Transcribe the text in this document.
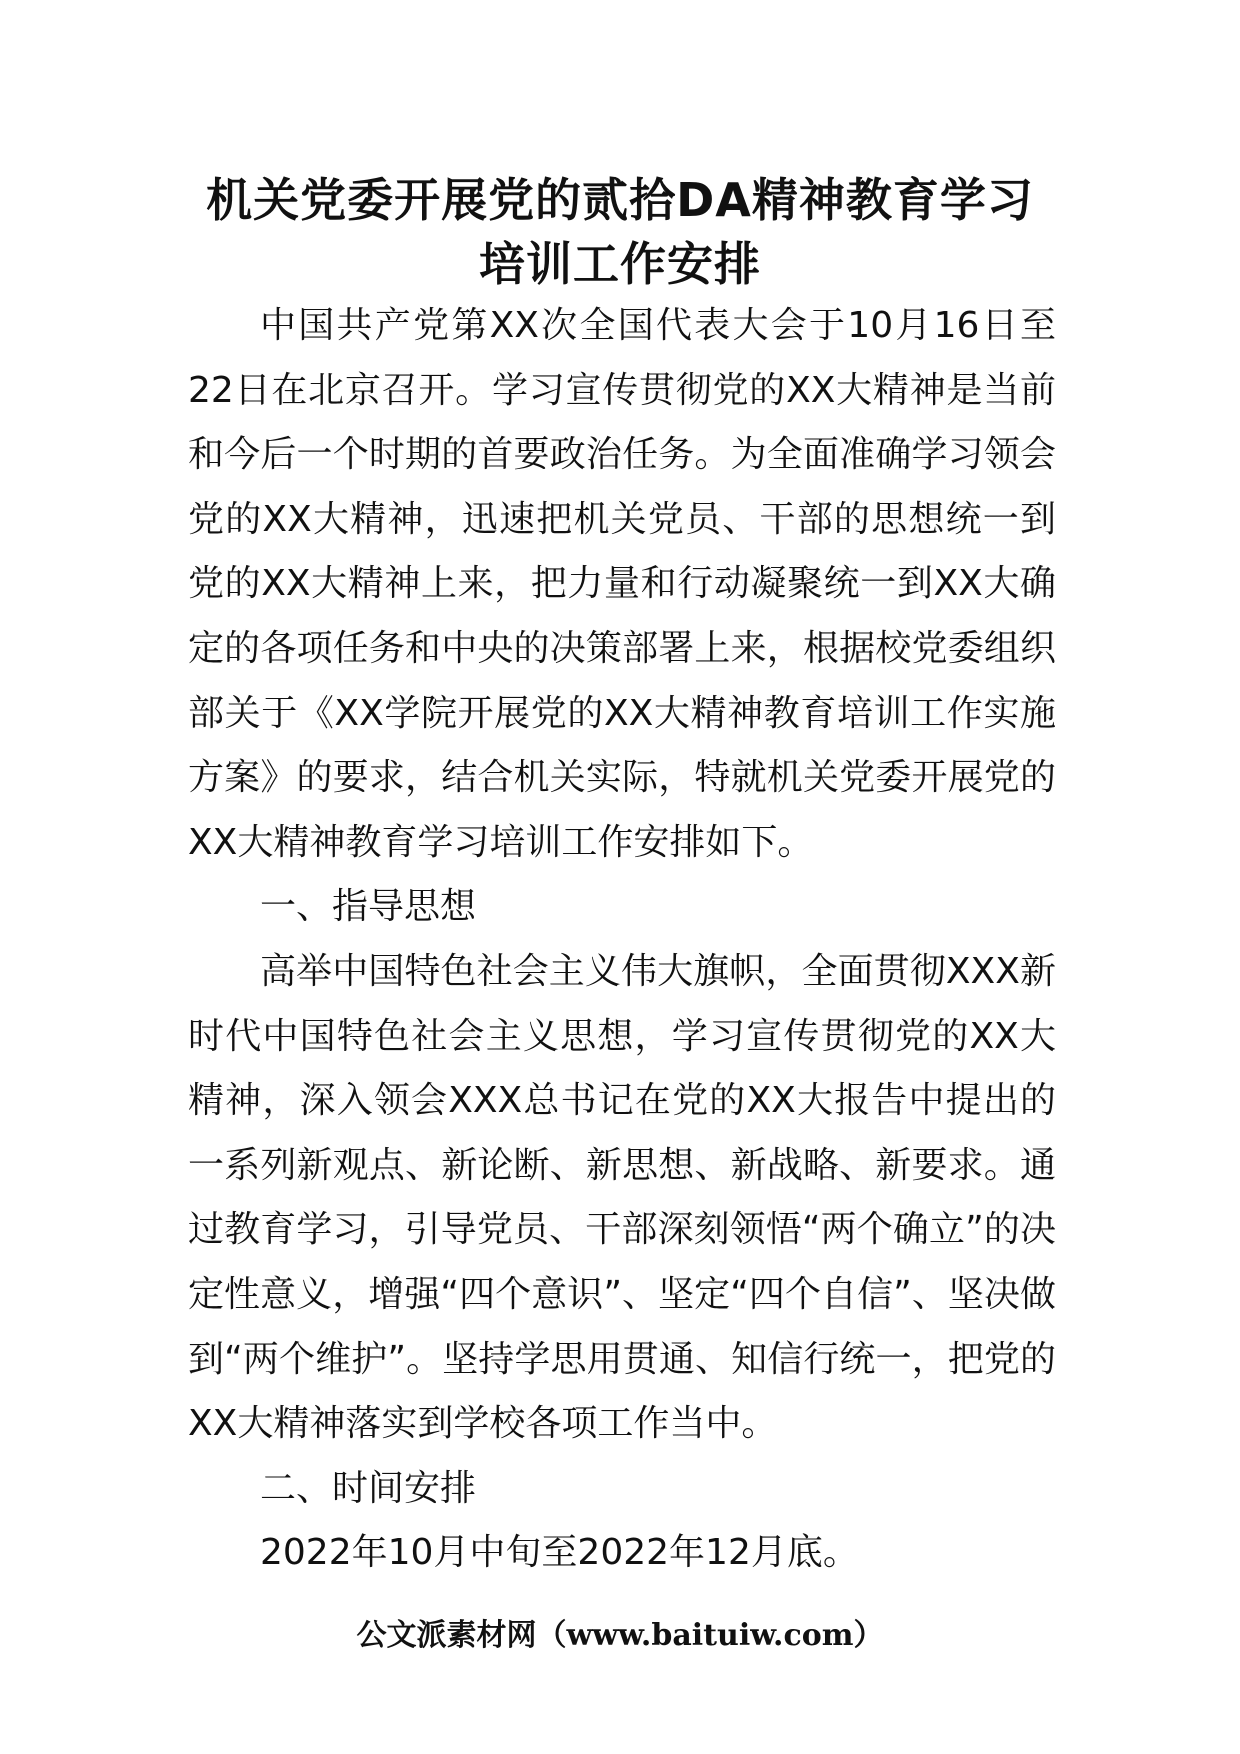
机关党委开展党的贰拾DA精神教育学习
培训工作安排

中国共产党第XX次全国代表大会于10月16日至22日在北京召开。学习宣传贯彻党的XX大精神是当前和今后一个时期的首要政治任务。为全面准确学习领会党的XX大精神，迅速把机关党员、干部的思想统一到党的XX大精神上来，把力量和行动凝聚统一到XX大确定的各项任务和中央的决策部署上来，根据校党委组织部关于《XX学院开展党的XX大精神教育培训工作实施方案》的要求，结合机关实际，特就机关党委开展党的XX大精神教育学习培训工作安排如下。

一、指导思想

高举中国特色社会主义伟大旗帜，全面贯彻XXX新时代中国特色社会主义思想，学习宣传贯彻党的XX大精神，深入领会XXX总书记在党的XX大报告中提出的一系列新观点、新论断、新思想、新战略、新要求。通过教育学习，引导党员、干部深刻领悟“两个确立”的决定性意义，增强“四个意识”、坚定“四个自信”、坚决做到“两个维护”。坚持学思用贯通、知信行统一，把党的XX大精神落实到学校各项工作当中。

二、时间安排

2022年10月中旬至2022年12月底。

公文派素材网（www.baituiw.com）
